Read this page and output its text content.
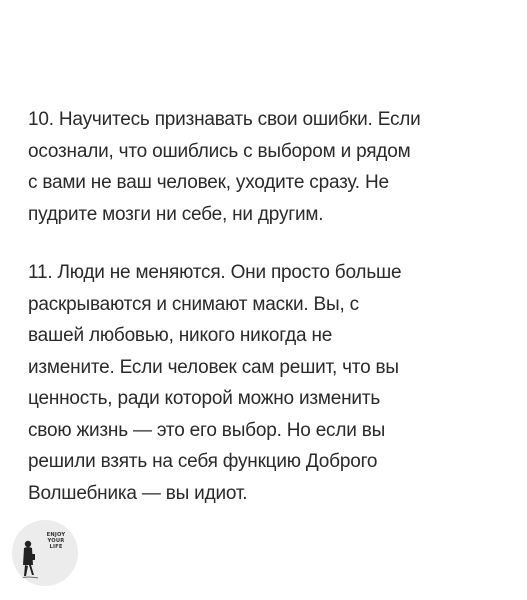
10. Научитесь признавать свои ошибки. Если
осознали, что ошиблись с выбором и рядом
с вами не ваш человек, уходите сразу. Не
пудрите мозги ни себе, ни другим.

11. Люди не меняются. Они просто больше
раскрываются и снимают маски. Вы, с
вашей любовью, никого никогда не
измените. Если человек сам решит, что вы
ценность, ради которой можно изменить
свою жизнь — это его выбор. Но если вы
решили взять на себя функцию Доброго
Волшебника — вы идиот.

ENJOY
YOUR
LIFE
